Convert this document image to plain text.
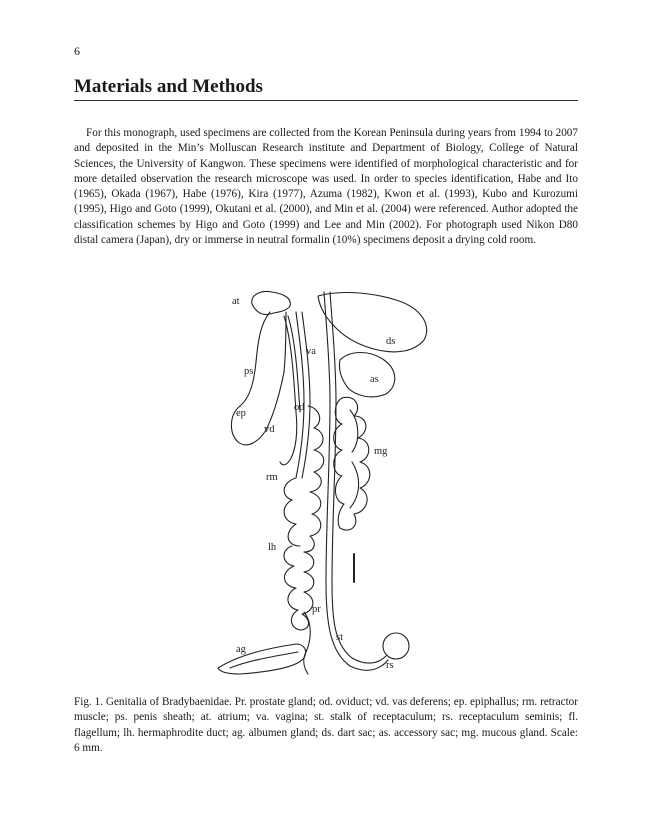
6
Materials and Methods

For this monograph, used specimens are collected from the Korean Peninsula during years from 1994 to 2007 and deposited in the Min’s Molluscan Research institute and Department of Biology, College of Natural Sciences, the University of Kangwon. These specimens were identified of morphological characteristic and for more detailed observation the research microscope was used. In order to species identification, Habe and Ito (1965), Okada (1967), Habe (1976), Kira (1977), Azuma (1982), Kwon et al. (1993), Kubo and Kurozumi (1995), Higo and Goto (1999), Okutani et al. (2000), and Min et al. (2004) were referenced. Author adopted the classification schemes by Higo and Goto (1999) and Lee and Min (2002). For photograph used Nikon D80 distal camera (Japan), dry or immerse in neutral formalin (10%) specimens deposit a drying cold room.

at
ds
va
ps
as
od
ep
vd
mg
rm
lh
pr
st
ag
rs

Fig. 1. Genitalia of Bradybaenidae. Pr. prostate gland; od. oviduct; vd. vas deferens; ep. epiphallus; rm. retractor muscle; ps. penis sheath; at. atrium; va. vagina; st. stalk of receptaculum; rs. receptaculum seminis; fl. flagellum; lh. hermaphrodite duct; ag. albumen gland; ds. dart sac; as. accessory sac; mg. mucous gland. Scale: 6 mm.
